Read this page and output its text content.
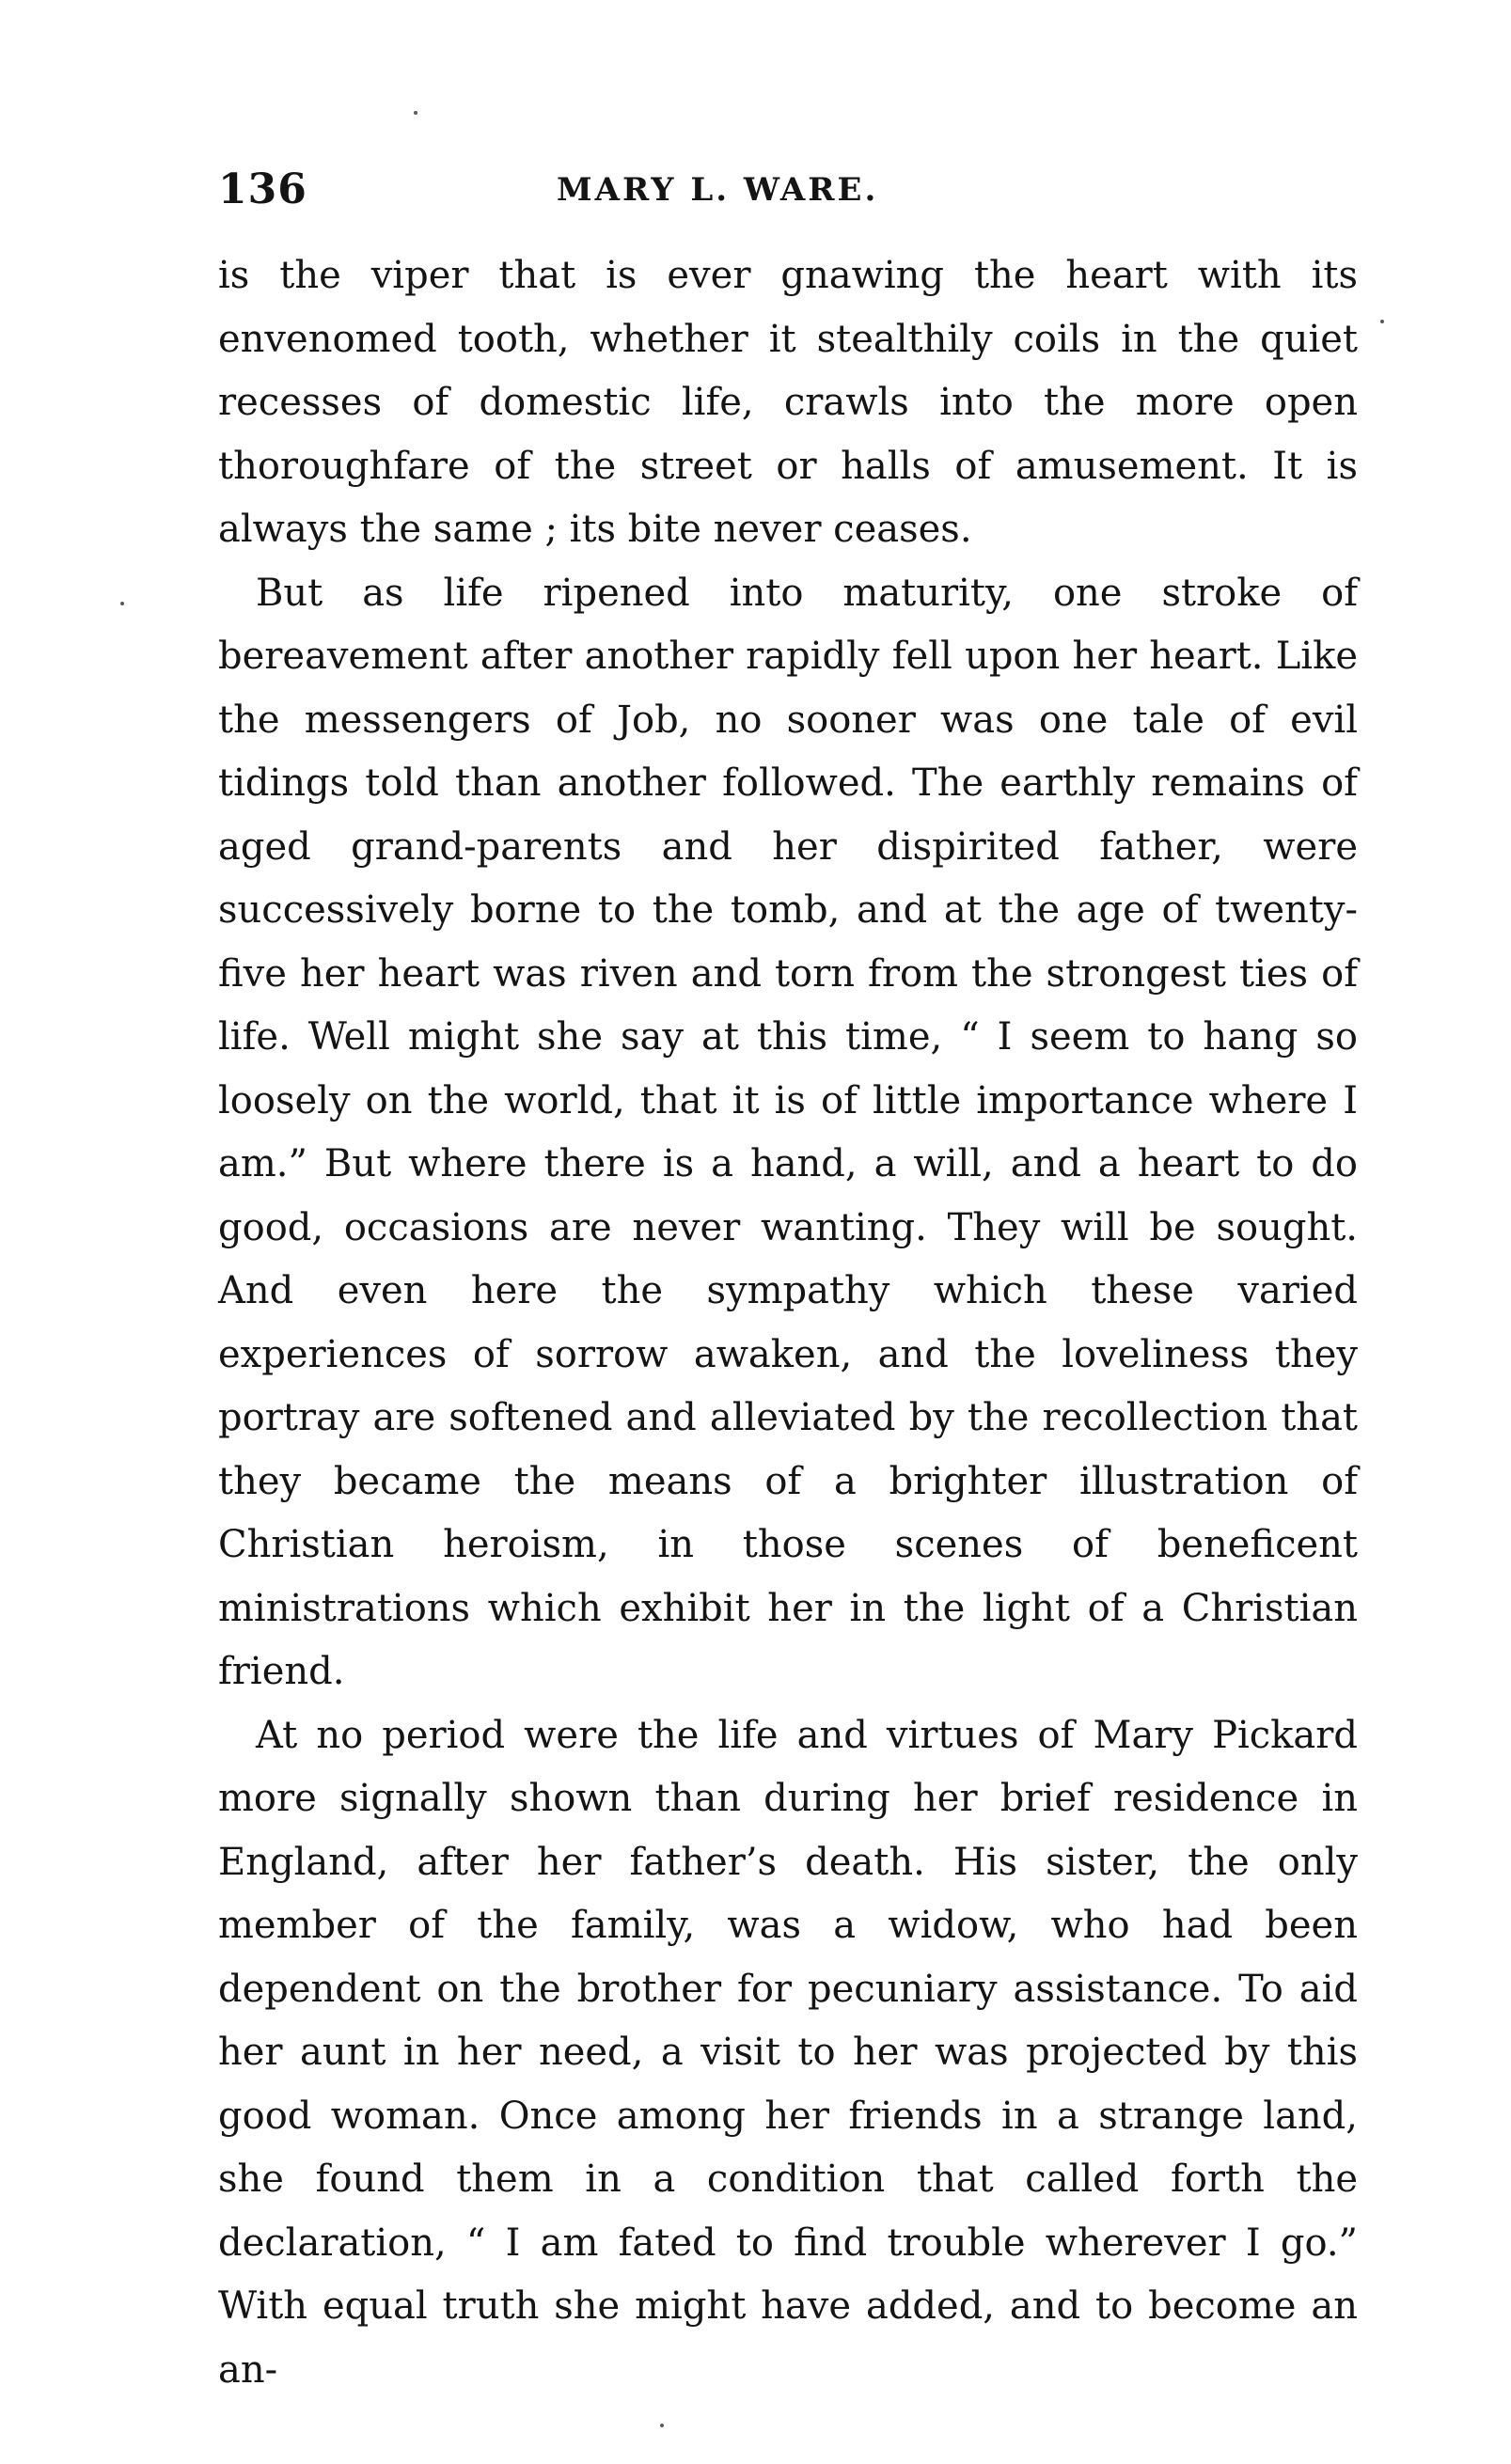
136	MARY L. WARE.

is the viper that is ever gnawing the heart with its envenomed tooth, whether it stealthily coils in the quiet recesses of domestic life, crawls into the more open thoroughfare of the street or halls of amusement. It is always the same ; its bite never ceases.

But as life ripened into maturity, one stroke of bereavement after another rapidly fell upon her heart. Like the messengers of Job, no sooner was one tale of evil tidings told than another followed. The earthly remains of aged grand-parents and her dispirited father, were successively borne to the tomb, and at the age of twenty-five her heart was riven and torn from the strongest ties of life. Well might she say at this time, “ I seem to hang so loosely on the world, that it is of little importance where I am.” But where there is a hand, a will, and a heart to do good, occasions are never wanting. They will be sought. And even here the sympathy which these varied experiences of sorrow awaken, and the loveliness they portray are softened and alleviated by the recollection that they became the means of a brighter illustration of Christian heroism, in those scenes of beneficent ministrations which exhibit her in the light of a Christian friend.

At no period were the life and virtues of Mary Pickard more signally shown than during her brief residence in England, after her father’s death. His sister, the only member of the family, was a widow, who had been dependent on the brother for pecuniary assistance. To aid her aunt in her need, a visit to her was projected by this good woman. Once among her friends in a strange land, she found them in a condition that called forth the declaration, “ I am fated to find trouble wherever I go.” With equal truth she might have added, and to become an an-
